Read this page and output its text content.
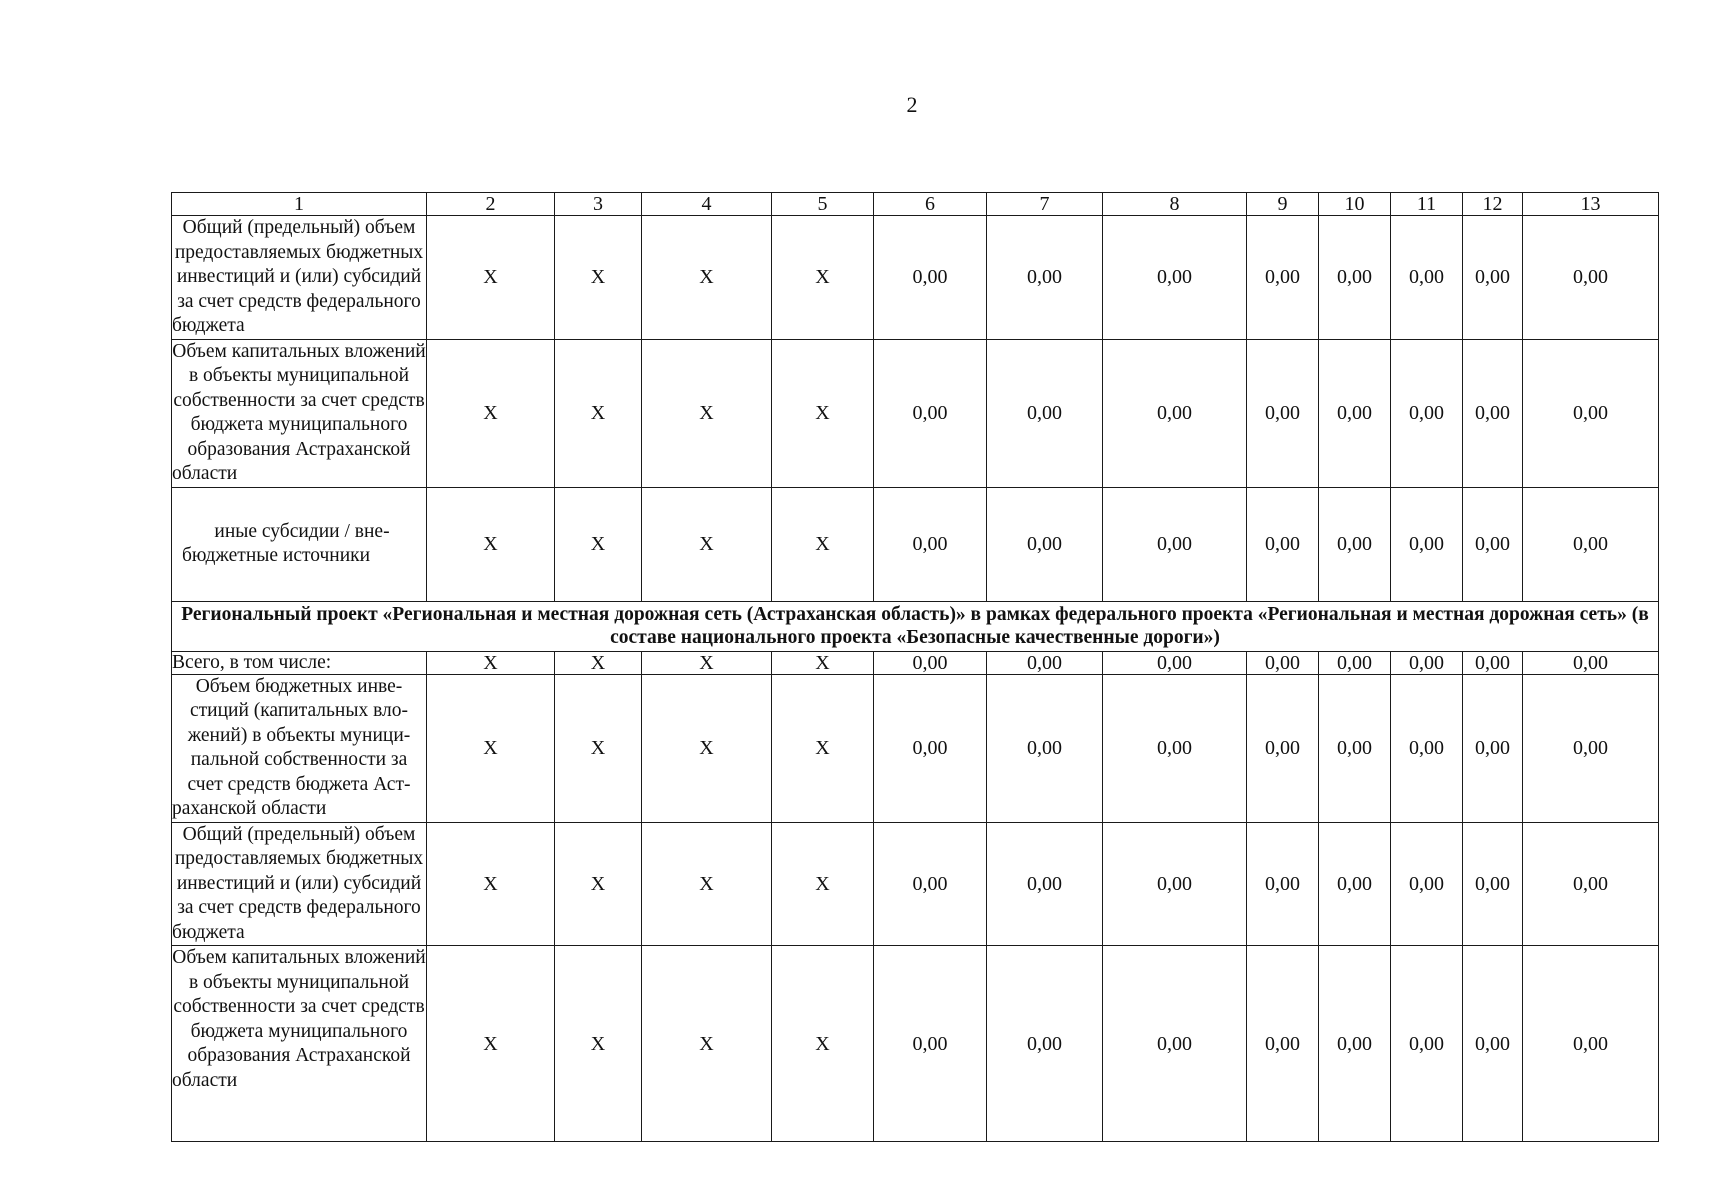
2
1	2	3	4	5	6	7	8	9	10	11	12	13
Общий (предельный) объем предоставляемых бюджетных инвестиций и (или) субсидий за счет средств федерального бюджета	X	X	X	X	0,00	0,00	0,00	0,00	0,00	0,00	0,00	0,00
Объем капитальных вложений в объекты муниципальной собственности за счет средств бюджета муниципального образования Астраханской области	X	X	X	X	0,00	0,00	0,00	0,00	0,00	0,00	0,00	0,00
иные субсидии / внебюджетные источники	X	X	X	X	0,00	0,00	0,00	0,00	0,00	0,00	0,00	0,00
Региональный проект «Региональная и местная дорожная сеть (Астраханская область)» в рамках федерального проекта «Региональная и местная дорожная сеть» (в составе национального проекта «Безопасные качественные дороги»)												
Всего, в том числе:	X	X	X	X	0,00	0,00	0,00	0,00	0,00	0,00	0,00	0,00
Объем бюджетных инвестиций (капитальных вложений) в объекты муниципальной собственности за счет средств бюджета Астраханской области	X	X	X	X	0,00	0,00	0,00	0,00	0,00	0,00	0,00	0,00
Общий (предельный) объем предоставляемых бюджетных инвестиций и (или) субсидий за счет средств федерального бюджета	X	X	X	X	0,00	0,00	0,00	0,00	0,00	0,00	0,00	0,00
Объем капитальных вложений в объекты муниципальной собственности за счет средств бюджета муниципального образования Астраханской области	X	X	X	X	0,00	0,00	0,00	0,00	0,00	0,00	0,00	0,00
